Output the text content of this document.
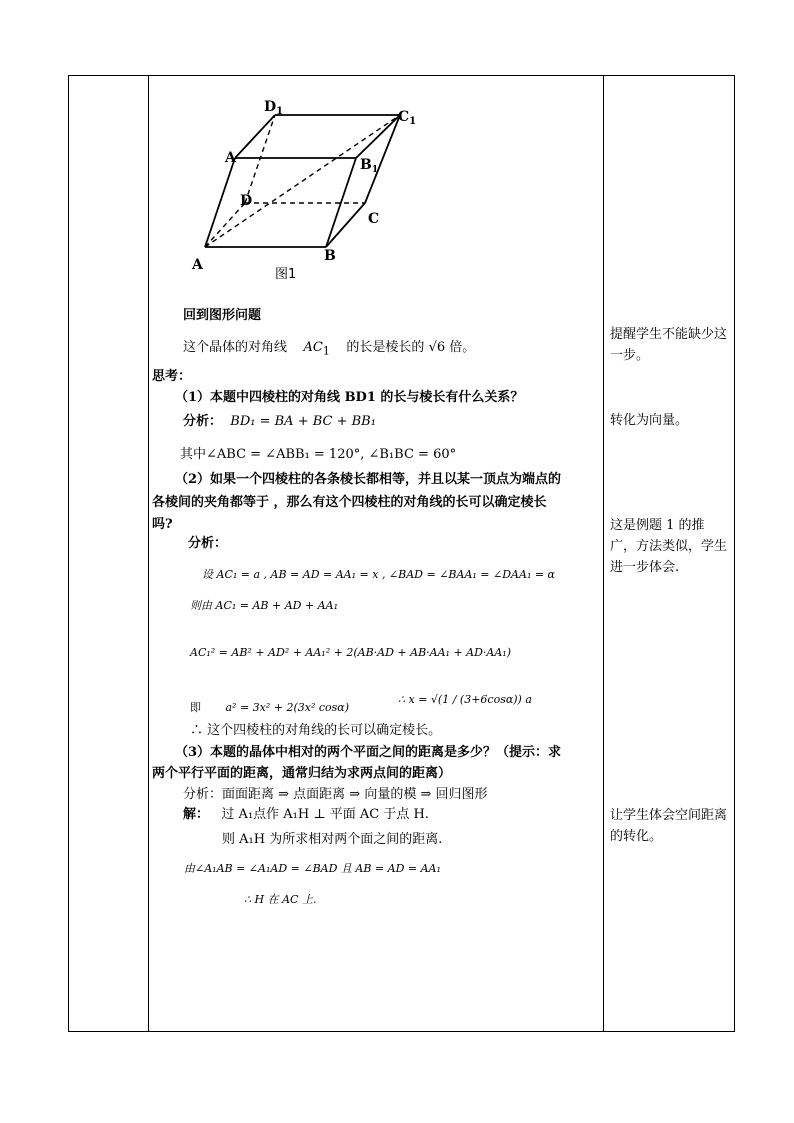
$D_1$	$C_1$
A	$B_1$
D
C
A
B
图1
回到图形问题
这个晶体的对角线 $AC_1$ 的长是棱长的 √6 倍。
思考：
（1）本题中四棱柱的对角线 BD1 的长与棱长有什么关系？
分析： BD₁ = BA + BC + BB₁
其中∠ABC = ∠ABB₁ = 120°, ∠B₁BC = 60°
（2）如果一个四棱柱的各条棱长都相等，并且以某一顶点为端点的
各棱间的夹角都等于 ，那么有这个四棱柱的对角线的长可以确定棱长
吗?
分析：
设 AC₁ = a , AB = AD = AA₁ = x , ∠BAD = ∠BAA₁ = ∠DAA₁ = α
则由 AC₁ = AB + AD + AA₁
AC₁² = AB² + AD² + AA₁² + 2(AB·AD + AB·AA₁ + AD·AA₁)
即 a² = 3x² + 2(3x² cosα)
∴ x = √(1 / (3+6cosα)) a
∴ 这个四棱柱的对角线的长可以确定棱长。
（3）本题的晶体中相对的两个平面之间的距离是多少？（提示：求
两个平行平面的距离，通常归结为求两点间的距离）
分析：面面距离 ⇒ 点面距离 ⇒ 向量的模 ⇒ 回归图形
解： 过 A₁点作 A₁H ⊥ 平面 AC 于点 H.
则 A₁H 为所求相对两个面之间的距离.
由∠A₁AB = ∠A₁AD = ∠BAD 且 AB = AD = AA₁
∴ H 在 AC 上.
提醒学生不能缺少这一步。
转化为向量。
这是例题 1 的推广，方法类似，学生进一步体会.
让学生体会空间距离的转化。
